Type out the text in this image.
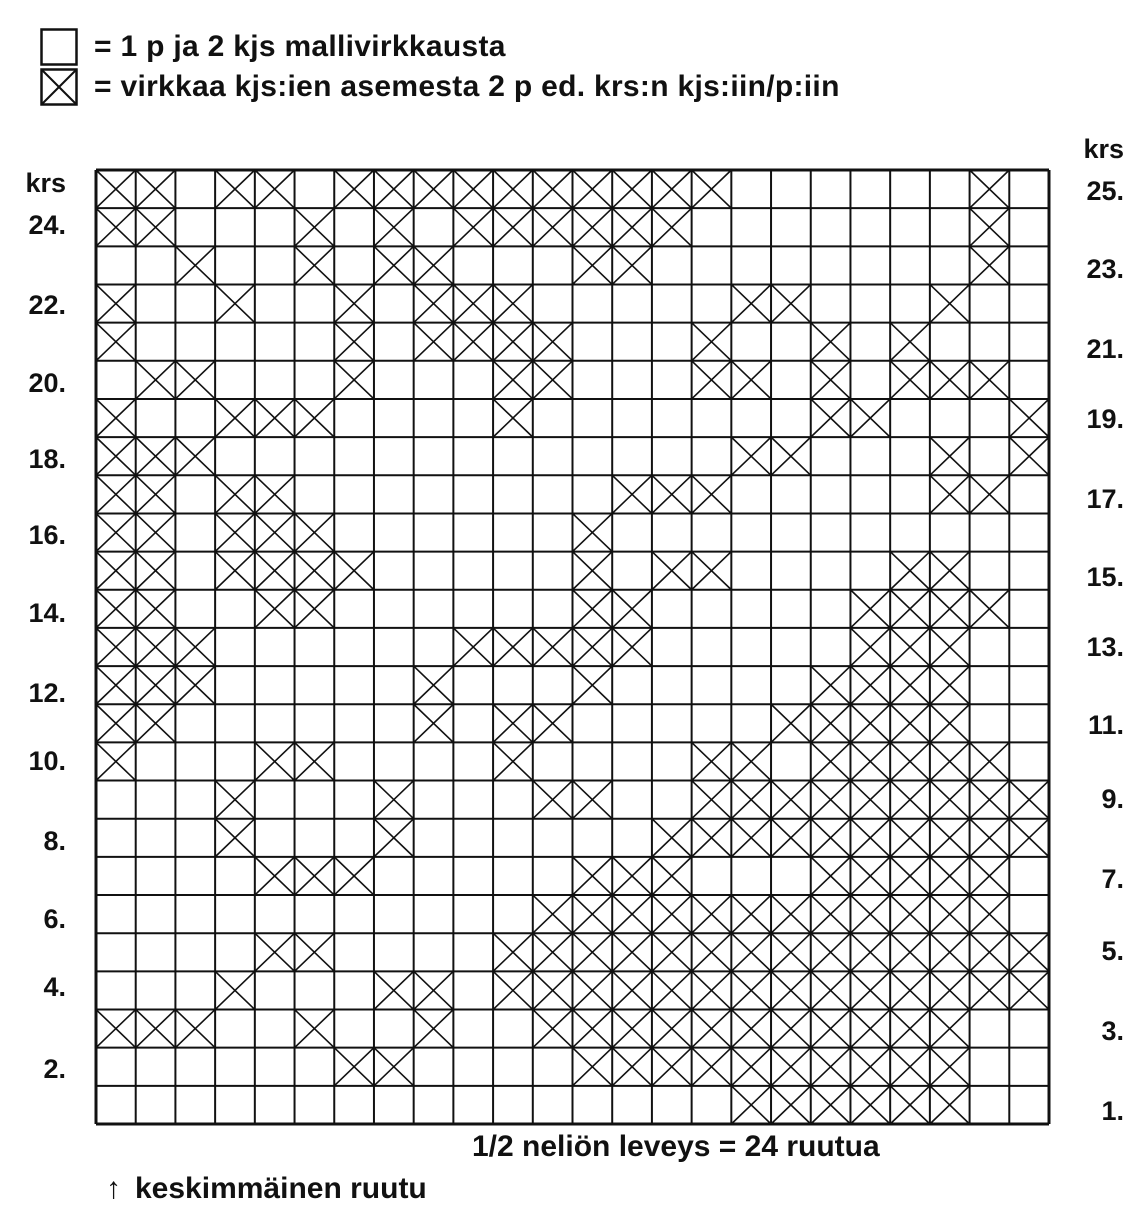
= 1 p ja 2 kjs mallivirkkausta
= virkkaa kjs:ien asemesta 2 p ed. krs:n kjs:iin/p:iin
krs
krs
24.
22.
20.
18.
16.
14.
12.
10.
8.
6.
4.
2.
25.
23.
21.
19.
17.
15.
13.
11.
9.
7.
5.
3.
1.
1/2 neliön leveys = 24 ruutua
↑ keskimmäinen ruutu
